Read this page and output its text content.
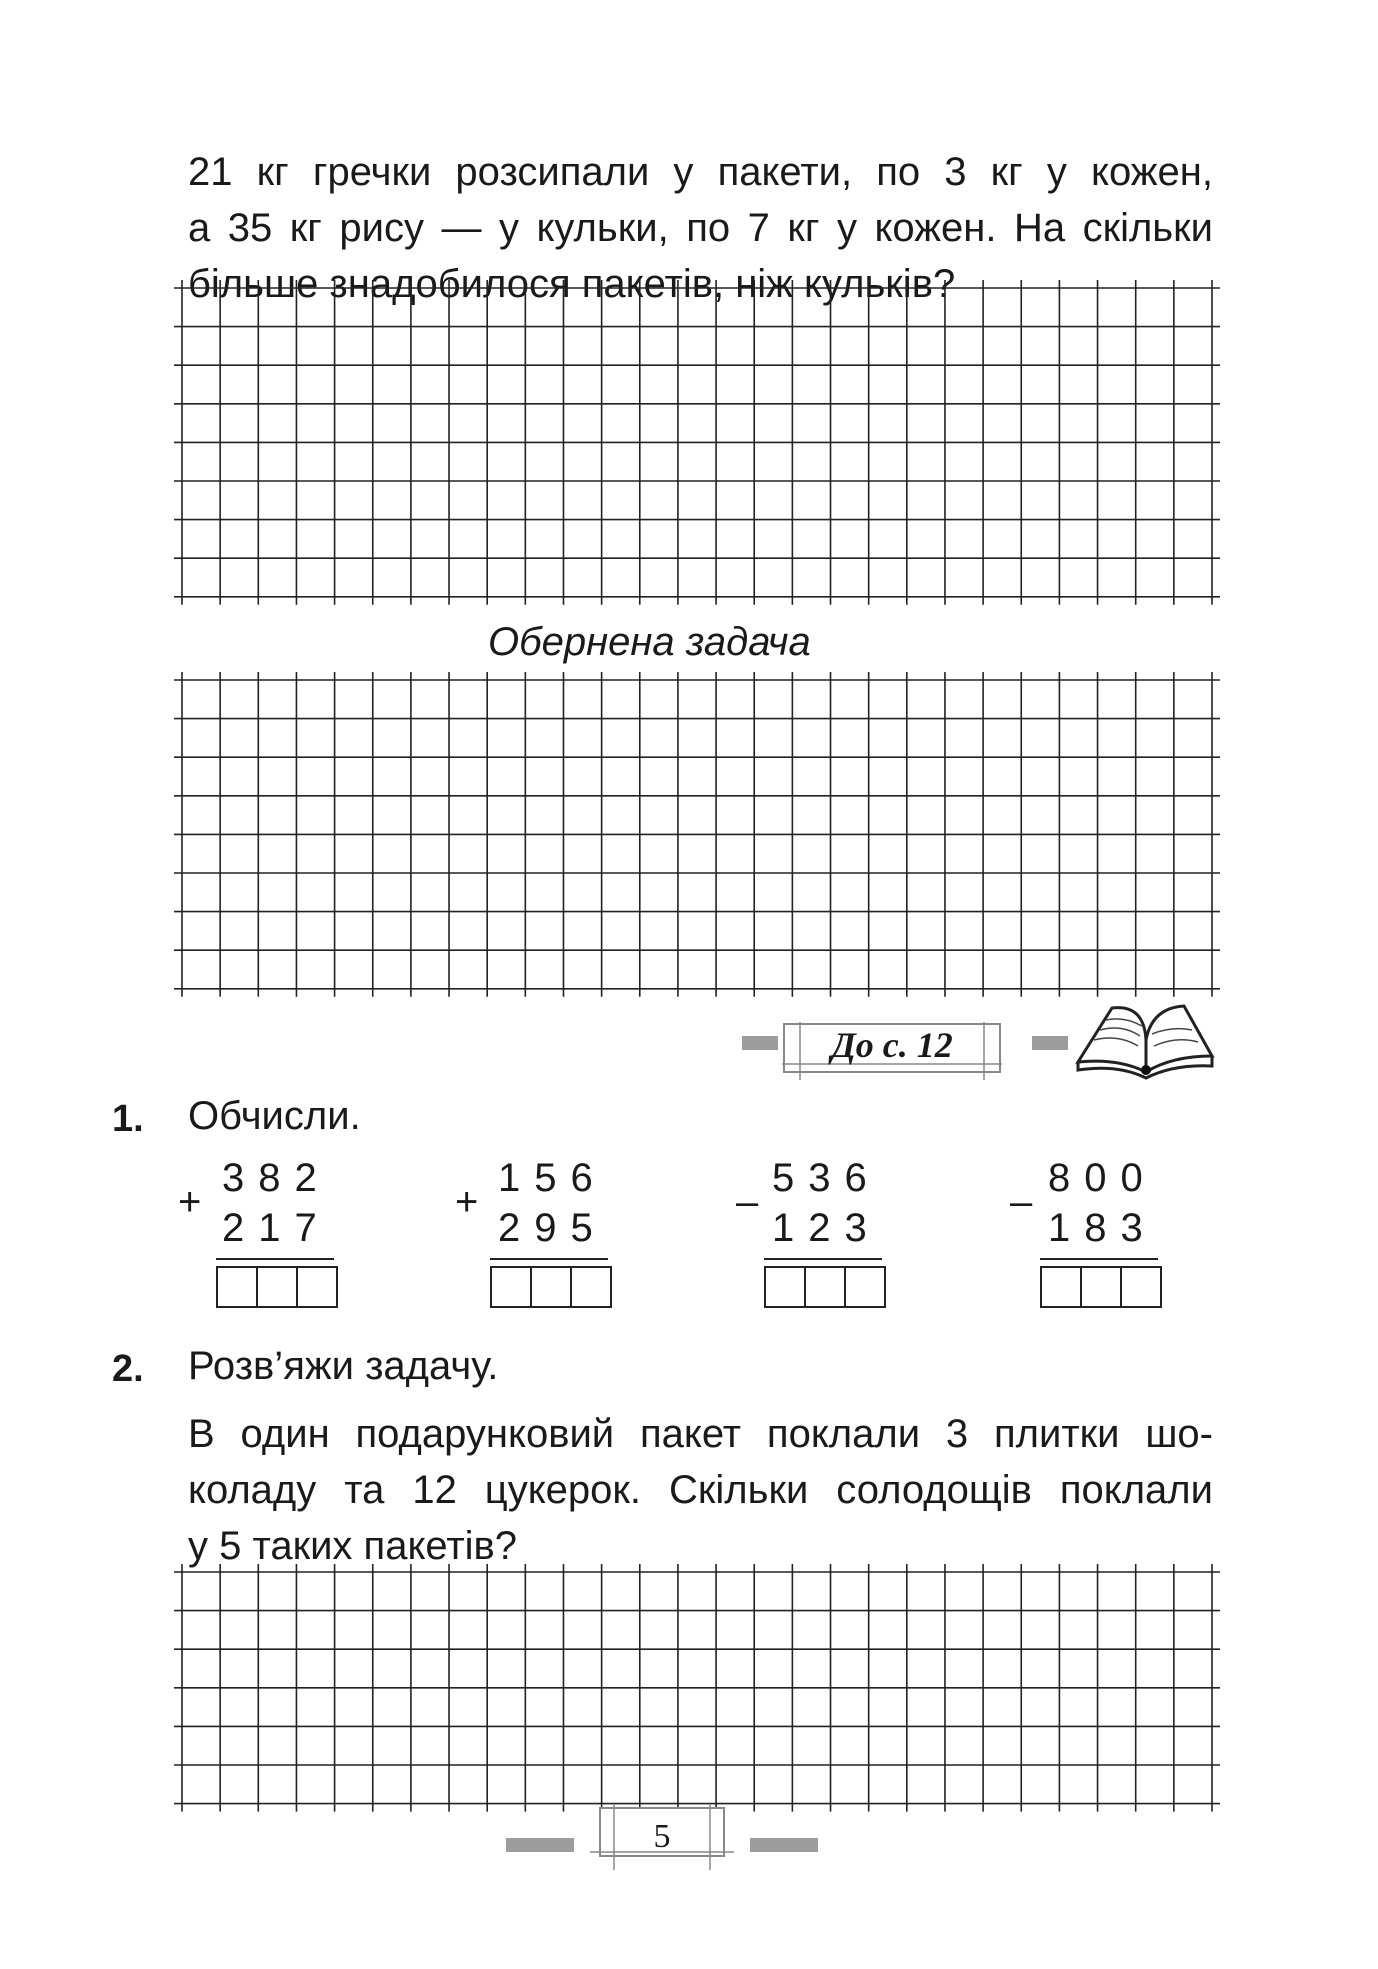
21 кг гречки розсипали у пакети, по 3 кг у кожен,
а 35 кг рису — у кульки, по 7 кг у кожен. На скільки
більше знадобилося пакетів, ніж кульків?
Обернена задача
До с. 12
1. Обчисли.
+
382
217
+
156
295
–
536
123
–
800
183
2. Розв’яжи задачу.
В один подарунковий пакет поклали 3 плитки шо-
коладу та 12 цукерок. Скільки солодощів поклали
у 5 таких пакетів?
5
